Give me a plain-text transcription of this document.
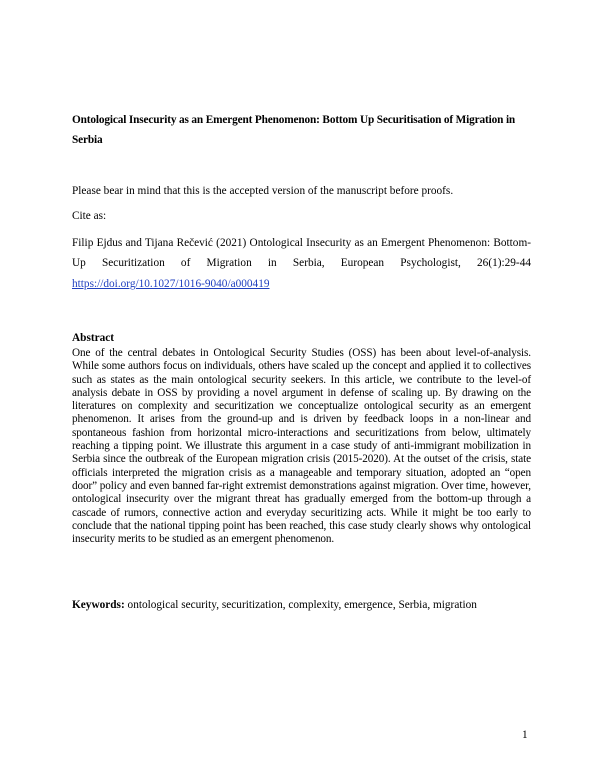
Ontological Insecurity as an Emergent Phenomenon: Bottom Up Securitisation of Migration in Serbia
Please bear in mind that this is the accepted version of the manuscript before proofs.
Cite as:
Filip Ejdus and Tijana Rečević (2021) Ontological Insecurity as an Emergent Phenomenon: Bottom-Up Securitization of Migration in Serbia, European Psychologist, 26(1):29-44
https://doi.org/10.1027/1016-9040/a000419
Abstract
One of the central debates in Ontological Security Studies (OSS) has been about level-of-analysis. While some authors focus on individuals, others have scaled up the concept and applied it to collectives such as states as the main ontological security seekers. In this article, we contribute to the level-of analysis debate in OSS by providing a novel argument in defense of scaling up. By drawing on the literatures on complexity and securitization we conceptualize ontological security as an emergent phenomenon. It arises from the ground-up and is driven by feedback loops in a non-linear and spontaneous fashion from horizontal micro-interactions and securitizations from below, ultimately reaching a tipping point. We illustrate this argument in a case study of anti-immigrant mobilization in Serbia since the outbreak of the European migration crisis (2015-2020). At the outset of the crisis, state officials interpreted the migration crisis as a manageable and temporary situation, adopted an “open door” policy and even banned far-right extremist demonstrations against migration. Over time, however, ontological insecurity over the migrant threat has gradually emerged from the bottom-up through a cascade of rumors, connective action and everyday securitizing acts. While it might be too early to conclude that the national tipping point has been reached, this case study clearly shows why ontological insecurity merits to be studied as an emergent phenomenon.
Keywords: ontological security, securitization, complexity, emergence, Serbia, migration
1
